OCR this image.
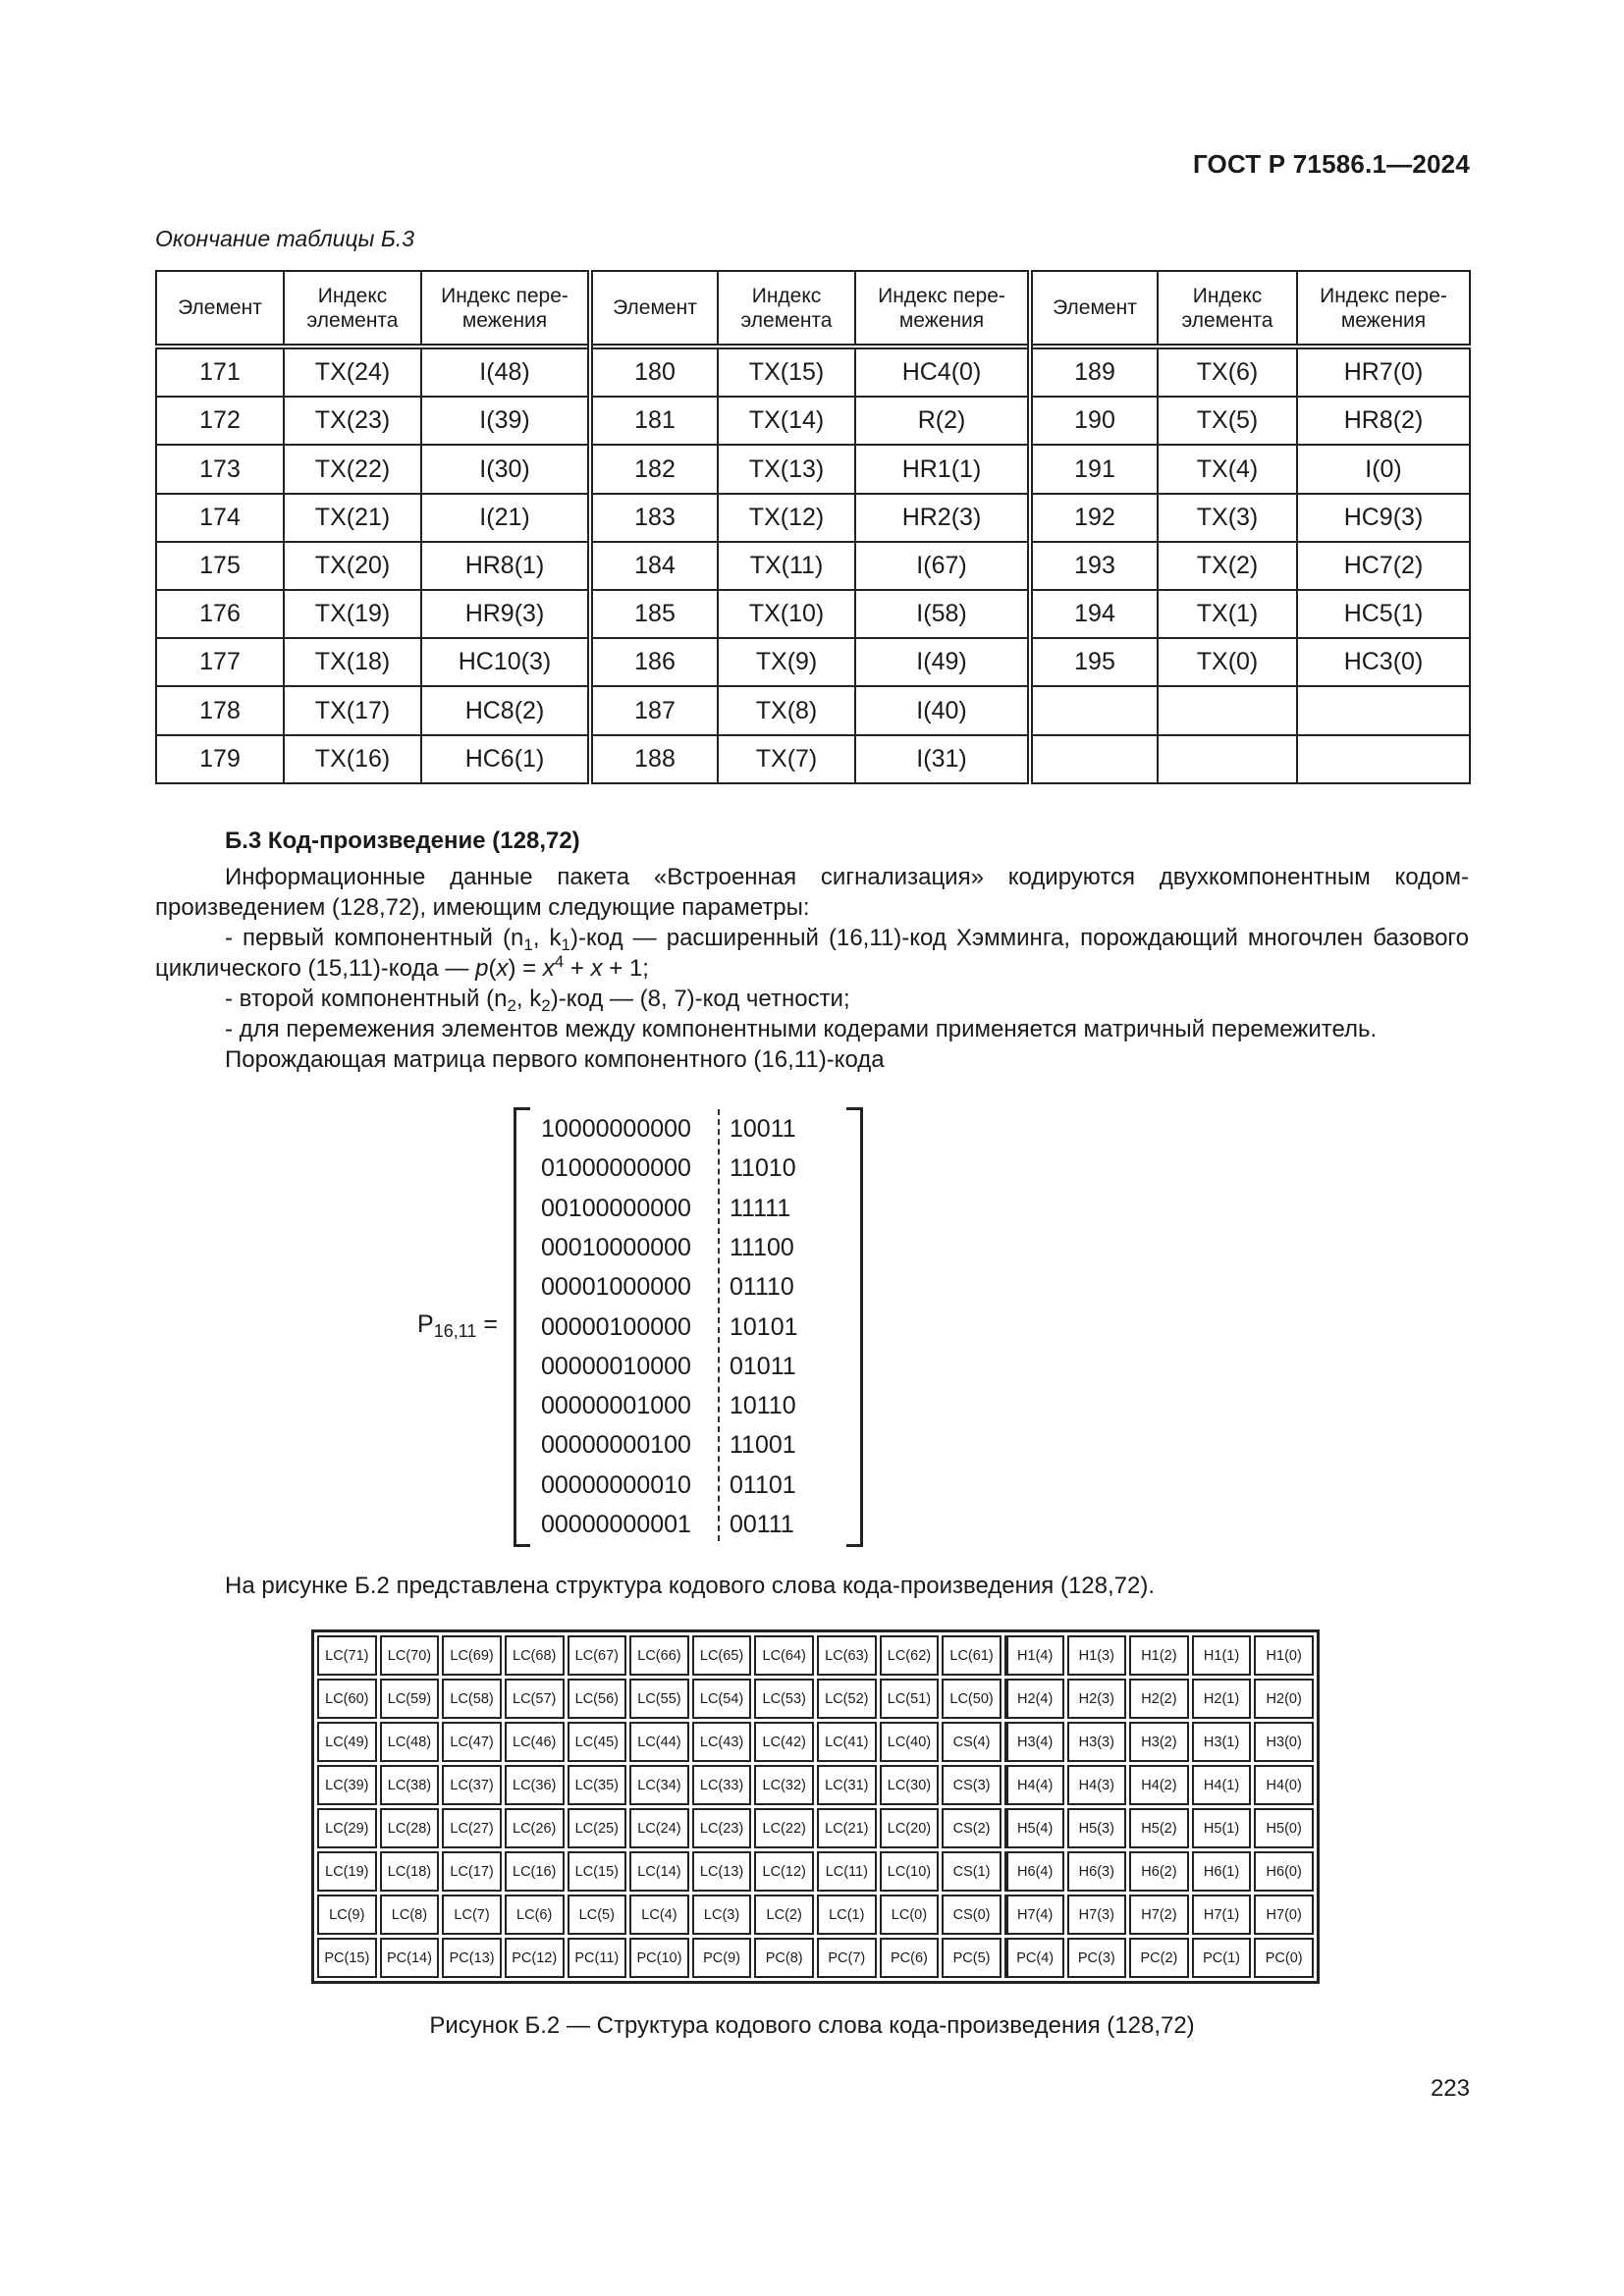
ГОСТ Р 71586.1—2024
Окончание таблицы Б.3
Элемент	Индекс элемента	Индекс пере-межения	Элемент	Индекс элемента	Индекс пере-межения	Элемент	Индекс элемента	Индекс пере-межения
171	TX(24)	I(48)	180	TX(15)	HC4(0)	189	TX(6)	HR7(0)
172	TX(23)	I(39)	181	TX(14)	R(2)	190	TX(5)	HR8(2)
173	TX(22)	I(30)	182	TX(13)	HR1(1)	191	TX(4)	I(0)
174	TX(21)	I(21)	183	TX(12)	HR2(3)	192	TX(3)	HC9(3)
175	TX(20)	HR8(1)	184	TX(11)	I(67)	193	TX(2)	HC7(2)
176	TX(19)	HR9(3)	185	TX(10)	I(58)	194	TX(1)	HC5(1)
177	TX(18)	HC10(3)	186	TX(9)	I(49)	195	TX(0)	HC3(0)
178	TX(17)	HC8(2)	187	TX(8)	I(40)			
179	TX(16)	HC6(1)	188	TX(7)	I(31)			
Б.3 Код-произведение (128,72)
Информационные данные пакета «Встроенная сигнализация» кодируются двухкомпонентным кодом-произведением (128,72), имеющим следующие параметры:
- первый компонентный ($n_1$, $k_1$)-код — расширенный (16,11)-код Хэмминга, порождающий многочлен базового циклического (15,11)-кода — $p(x) = x^4 + x + 1$;
- второй компонентный ($n_2$, $k_2$)-код — (8, 7)-код четности;
- для перемежения элементов между компонентными кодерами применяется матричный перемежитель.
Порождающая матрица первого компонентного (16,11)-кода
$P_{16,11}$ =
10000000000 10011
01000000000 11010
00100000000 11111
00010000000 11100
00001000000 01110
00000100000 10101
00000010000 01011
00000001000 10110
00000000100 11001
00000000010 01101
00000000001 00111
На рисунке Б.2 представлена структура кодового слова кода-произведения (128,72).
LC(71)	LC(70)	LC(69)	LC(68)	LC(67)	LC(66)	LC(65)	LC(64)	LC(63)	LC(62)	LC(61)	H1(4)	H1(3)	H1(2)	H1(1)	H1(0)
LC(60)	LC(59)	LC(58)	LC(57)	LC(56)	LC(55)	LC(54)	LC(53)	LC(52)	LC(51)	LC(50)	H2(4)	H2(3)	H2(2)	H2(1)	H2(0)
LC(49)	LC(48)	LC(47)	LC(46)	LC(45)	LC(44)	LC(43)	LC(42)	LC(41)	LC(40)	CS(4)	H3(4)	H3(3)	H3(2)	H3(1)	H3(0)
LC(39)	LC(38)	LC(37)	LC(36)	LC(35)	LC(34)	LC(33)	LC(32)	LC(31)	LC(30)	CS(3)	H4(4)	H4(3)	H4(2)	H4(1)	H4(0)
LC(29)	LC(28)	LC(27)	LC(26)	LC(25)	LC(24)	LC(23)	LC(22)	LC(21)	LC(20)	CS(2)	H5(4)	H5(3)	H5(2)	H5(1)	H5(0)
LC(19)	LC(18)	LC(17)	LC(16)	LC(15)	LC(14)	LC(13)	LC(12)	LC(11)	LC(10)	CS(1)	H6(4)	H6(3)	H6(2)	H6(1)	H6(0)
LC(9)	LC(8)	LC(7)	LC(6)	LC(5)	LC(4)	LC(3)	LC(2)	LC(1)	LC(0)	CS(0)	H7(4)	H7(3)	H7(2)	H7(1)	H7(0)
PC(15)	PC(14)	PC(13)	PC(12)	PC(11)	PC(10)	PC(9)	PC(8)	PC(7)	PC(6)	PC(5)	PC(4)	PC(3)	PC(2)	PC(1)	PC(0)
Рисунок Б.2 — Структура кодового слова кода-произведения (128,72)
223
